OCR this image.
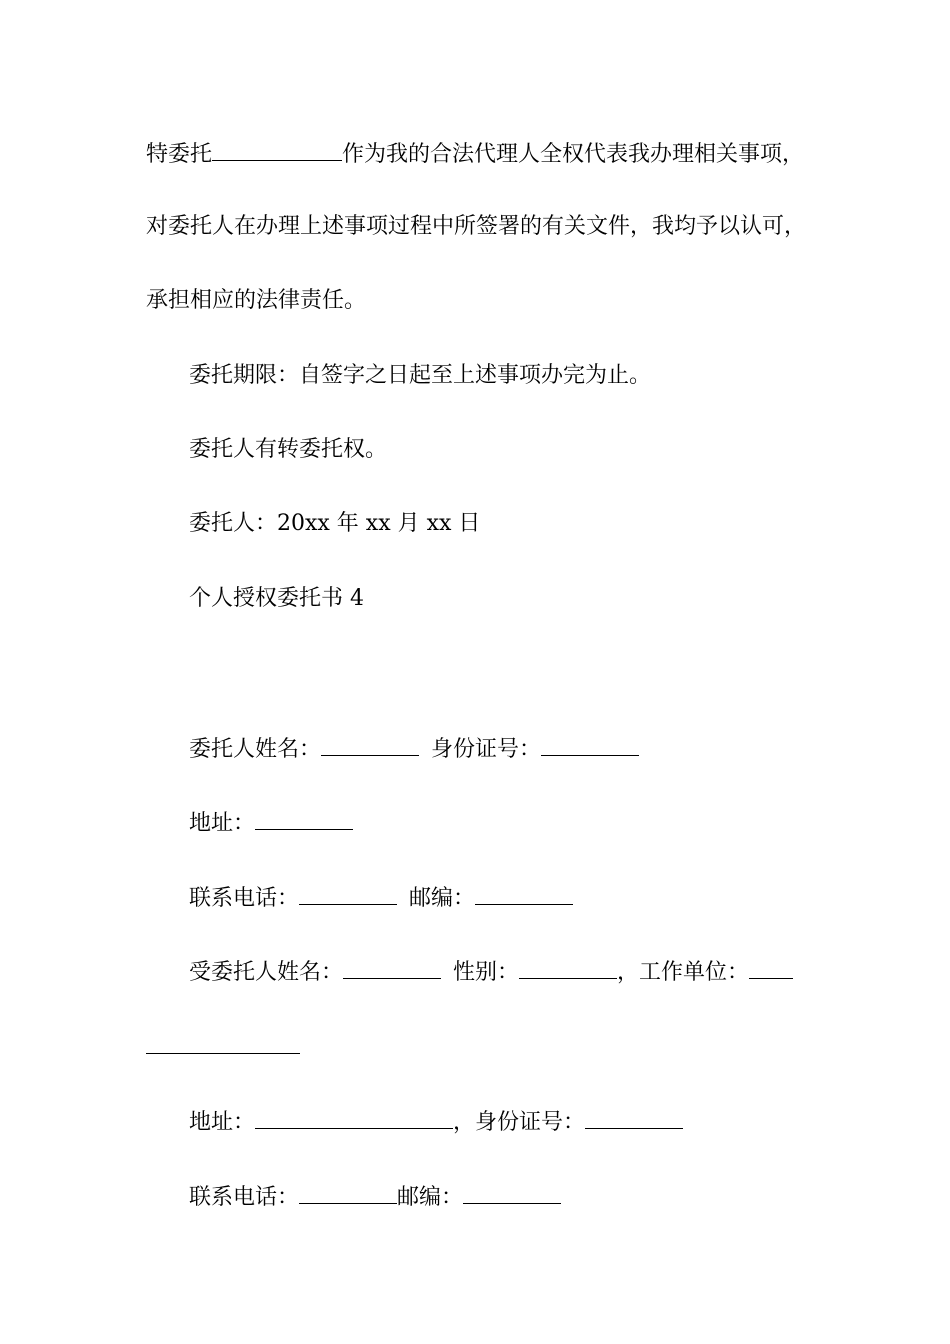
特委托	作为我的合法代理人全权代表我办理相关事项，
对委托人在办理上述事项过程中所签署的有关文件，我均予以认可，
承担相应的法律责任。
委托期限：自签字之日起至上述事项办完为止。
委托人有转委托权。
委托人：20xx 年 xx 月 xx 日
个人授权委托书 4
委托人姓名：	身份证号：
地址：
联系电话：	邮编：
受委托人姓名：	性别：	，工作单位：
地址：	，身份证号：
联系电话：	邮编：
